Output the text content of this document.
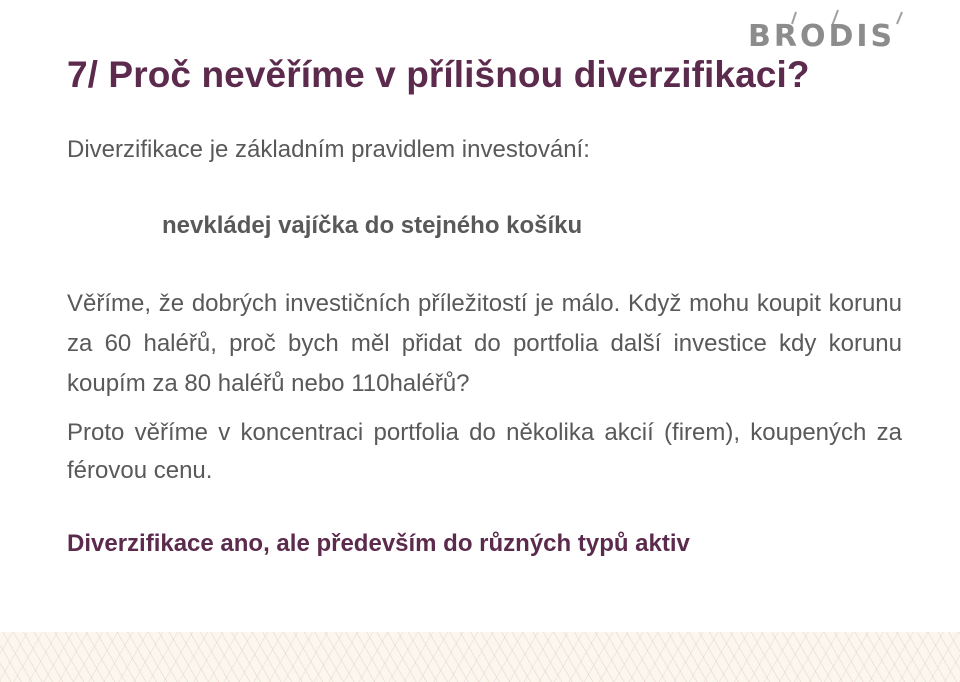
BRODIS
7/ Proč nevěříme v přílišnou diverzifikaci?

Diverzifikace je základním pravidlem investování:

nevkládej vajíčka do stejného košíku

Věříme, že dobrých investičních příležitostí je málo. Když mohu koupit korunu za 60 haléřů, proč bych měl přidat do portfolia další investice kdy korunu koupím za 80 haléřů nebo 110haléřů?

Proto věříme v koncentraci portfolia do několika akcií (firem), koupených za férovou cenu.

Diverzifikace ano, ale především do různých typů aktiv
